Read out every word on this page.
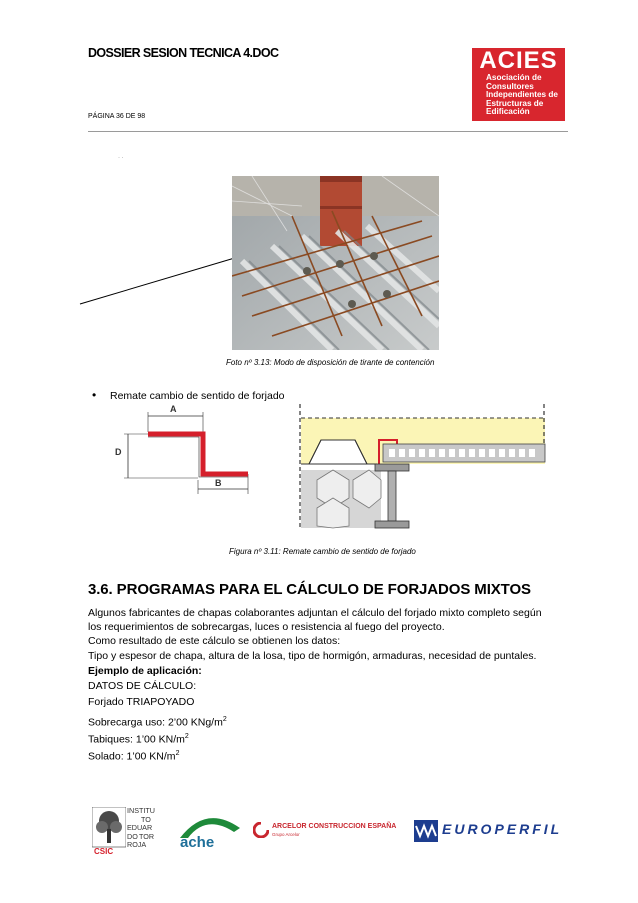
DOSSIER SESION TECNICA 4.DOC
PÁGINA 36 DE 98
ACIES
Asociación de
Consultores
Independientes de
Estructuras de
Edificación
· ·
Foto nº 3.13: Modo de disposición de tirante de contención
• Remate cambio de sentido de forjado
A
D
B
Figura nº 3.11: Remate cambio de sentido de forjado
3.6. PROGRAMAS PARA EL CÁLCULO DE FORJADOS MIXTOS
Algunos fabricantes de chapas colaborantes adjuntan el cálculo del forjado mixto completo según
los requerimientos de sobrecargas, luces o resistencia al fuego del proyecto.
Como resultado de este cálculo se obtienen los datos:
Tipo y espesor de chapa, altura de la losa, tipo de hormigón, armaduras, necesidad de puntales.
Ejemplo de aplicación:
DATOS DE CÁLCULO:
Forjado TRIAPOYADO
Sobrecarga uso: 2’00 KNg/$m^2$
Tabiques: 1’00 $KN/m^2$
Solado: 1’00 $KN/m^2$
CSIC
INSTITU
TO
EDUAR
DO TOR
ROJA	ache
ARCELOR CONSTRUCCION ESPAÑA
Grupo Arcelor	EUROPERFIL
